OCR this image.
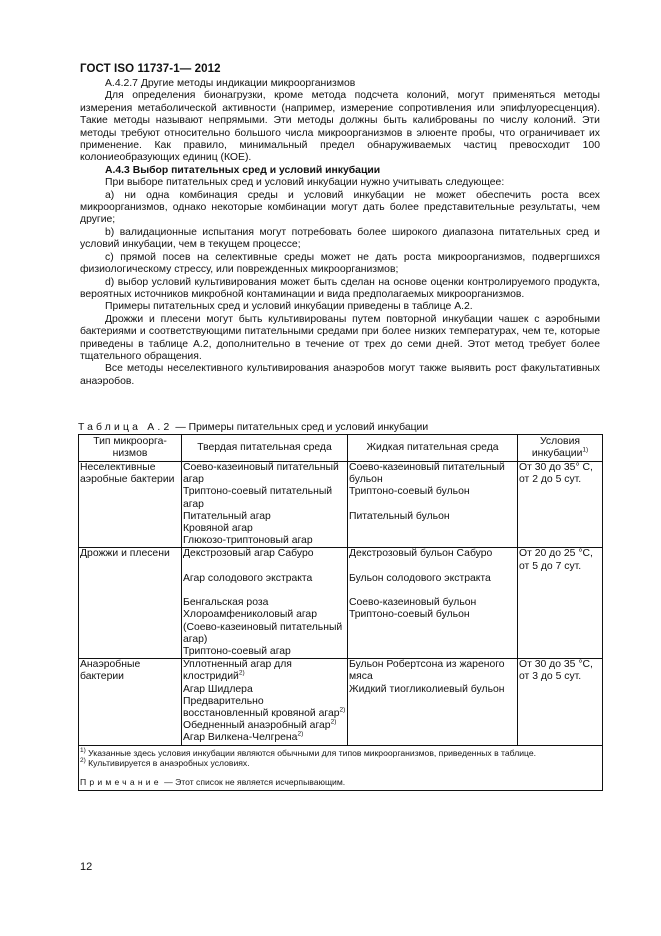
ГОСТ ISO 11737-1— 2012

А.4.2.7 Другие методы индикации микроорганизмов

Для определения бионагрузки, кроме метода подсчета колоний, могут применяться методы измерения метаболической активности (например, измерение сопротивления или эпифлуоресценция). Такие методы называют непрямыми. Эти методы должны быть калиброваны по числу колоний. Эти методы требуют относительно большого числа микроорганизмов в элюенте пробы, что ограничивает их применение. Как правило, минимальный предел обнаруживаемых частиц превосходит 100 колониеобразующих единиц (КОЕ).

А.4.3 Выбор питательных сред и условий инкубации

При выборе питательных сред и условий инкубации нужно учитывать следующее:

a) ни одна комбинация среды и условий инкубации не может обеспечить роста всех микроорганизмов, однако некоторые комбинации могут дать более представительные результаты, чем другие;

b) валидационные испытания могут потребовать более широкого диапазона питательных сред и условий инкубации, чем в текущем процессе;

c) прямой посев на селективные среды может не дать роста микроорганизмов, подвергшихся физиологическому стрессу, или поврежденных микроорганизмов;

d) выбор условий культивирования может быть сделан на основе оценки контролируемого продукта, вероятных источников микробной контаминации и вида предполагаемых микроорганизмов.

Примеры питательных сред и условий инкубации приведены в таблице А.2.

Дрожжи и плесени могут быть культивированы путем повторной инкубации чашек с аэробными бактериями и соответствующими питательными средами при более низких температурах, чем те, которые приведены в таблице А.2, дополнительно в течение от трех до семи дней. Этот метод требует более тщательного обращения.

Все методы неселективного культивирования анаэробов могут также выявить рост факультативных анаэробов.

Таблица А.2 — Примеры питательных сред и условий инкубации
Тип микроорга-низмов	Твердая питательная среда	Жидкая питательная среда	Условия инкубации$^{1)}$
Неселективные аэробные бактерии	Соево-казеиновый питательный агар
Триптоно-соевый питательный агар
Питательный агар
Кровяной агар
Глюкозо-триптоновый агар	Соево-казеиновый питательный бульон
Триптоно-соевый бульон
Питательный бульон	От 30 до 35° С,
от 2 до 5 сут.

Дрожжи и плесени	Декстрозовый агар Сабуро
Агар солодового экстракта
Бенгальская роза
Хлороамфениколовый агар (Соево-казеиновый питательный агар)
Триптоно-соевый агар	Декстрозовый бульон Сабуро
Бульон солодового экстракта
Соево-казеиновый бульон
Триптоно-соевый бульон	От 20 до 25 °С,
от 5 до 7 сут.

Анаэробные бактерии	Уплотненный агар для клостридий$^{2)}$
Агар Шидлера
Предварительно восстановленный кровяной агар$^{2)}$
Обедненный анаэробный агар$^{2)}$
Агар Вилкена-Челгрена$^{2)}$	Бульон Робертсона из жареного мяса
Жидкий тиогликолиевый бульон	От 30 до 35 °С,
от 3 до 5 сут.

$^{1)}$ Указанные здесь условия инкубации являются обычными для типов микроорганизмов, приведенных в таблице.

$^{2)}$ Культивируется в анаэробных условиях.

Примечание — Этот список не является исчерпывающим.			

12
